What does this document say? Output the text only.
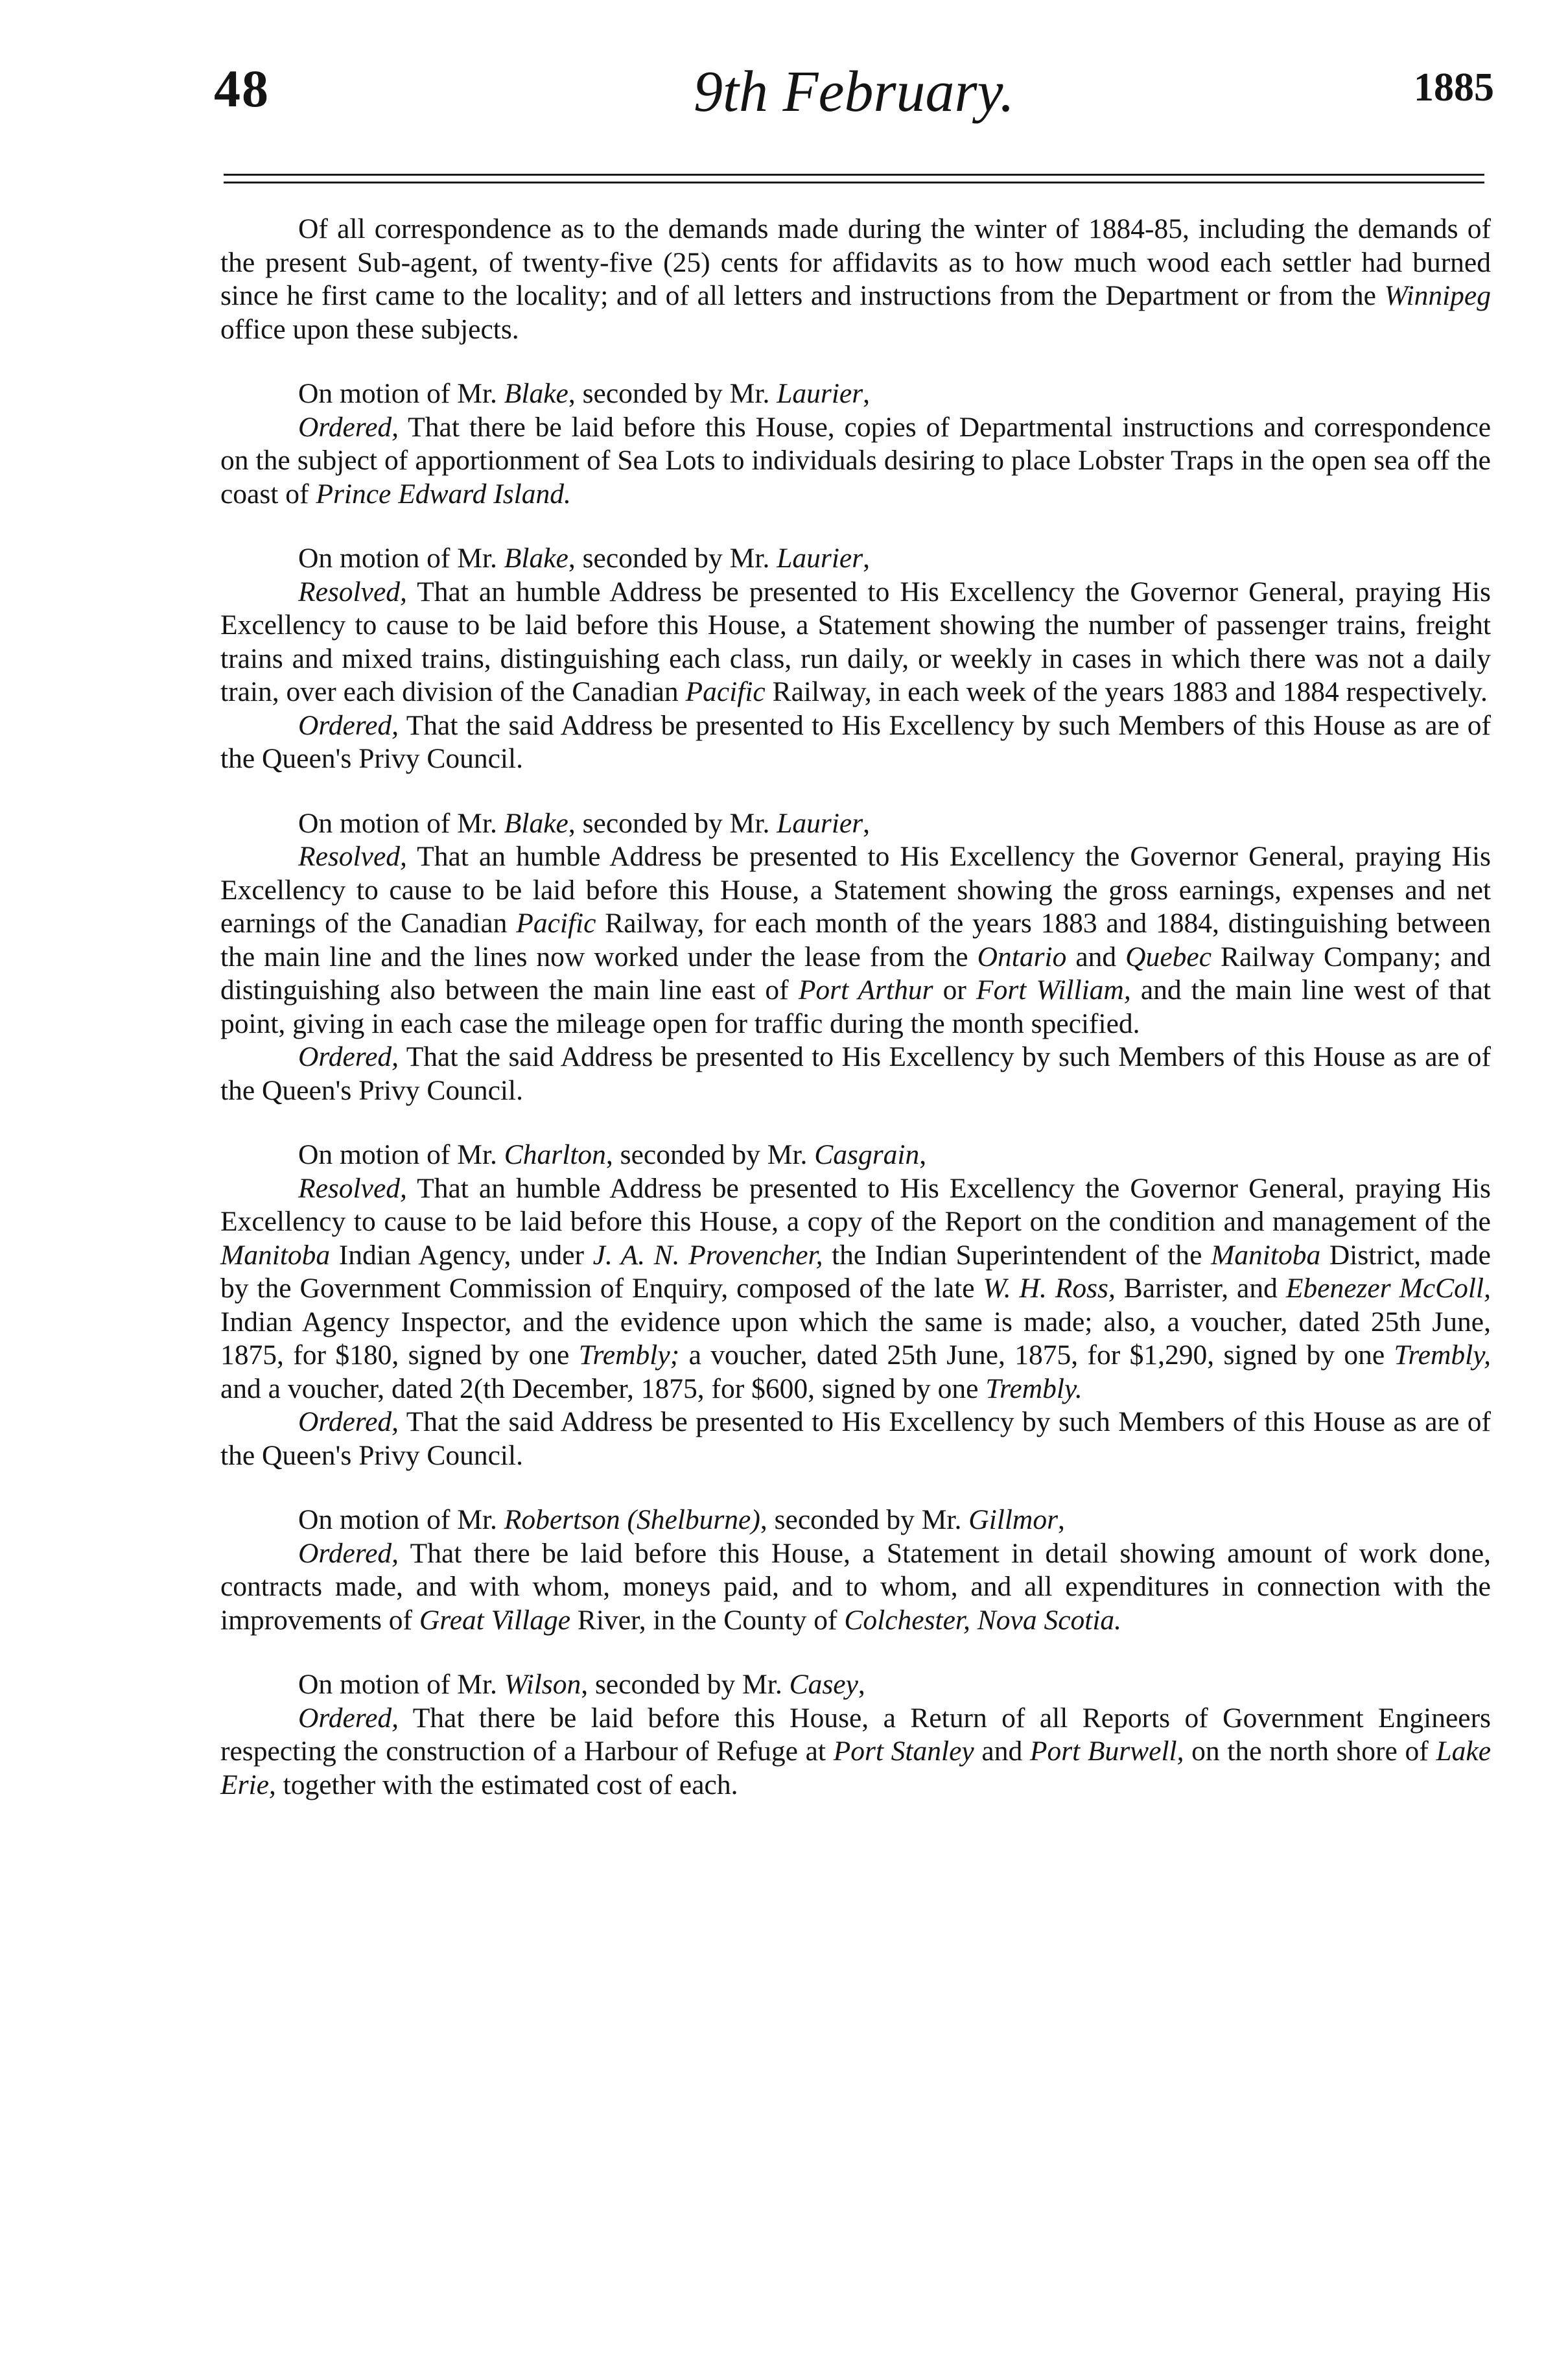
48	9th February.	1885

Of all correspondence as to the demands made during the winter of 1884-85, including the demands of the present Sub-agent, of twenty-five (25) cents for affidavits as to how much wood each settler had burned since he first came to the locality; and of all letters and instructions from the Department or from the Winnipeg office upon these subjects.

On motion of Mr. Blake, seconded by Mr. Laurier,

Ordered, That there be laid before this House, copies of Departmental instructions and correspondence on the subject of apportionment of Sea Lots to individuals desiring to place Lobster Traps in the open sea off the coast of Prince Edward Island.

On motion of Mr. Blake, seconded by Mr. Laurier,

Resolved, That an humble Address be presented to His Excellency the Governor General, praying His Excellency to cause to be laid before this House, a Statement showing the number of passenger trains, freight trains and mixed trains, distinguishing each class, run daily, or weekly in cases in which there was not a daily train, over each division of the Canadian Pacific Railway, in each week of the years 1883 and 1884 respectively.

Ordered, That the said Address be presented to His Excellency by such Members of this House as are of the Queen's Privy Council.

On motion of Mr. Blake, seconded by Mr. Laurier,

Resolved, That an humble Address be presented to His Excellency the Governor General, praying His Excellency to cause to be laid before this House, a Statement showing the gross earnings, expenses and net earnings of the Canadian Pacific Railway, for each month of the years 1883 and 1884, distinguishing between the main line and the lines now worked under the lease from the Ontario and Quebec Railway Company; and distinguishing also between the main line east of Port Arthur or Fort William, and the main line west of that point, giving in each case the mileage open for traffic during the month specified.

Ordered, That the said Address be presented to His Excellency by such Members of this House as are of the Queen's Privy Council.

On motion of Mr. Charlton, seconded by Mr. Casgrain,

Resolved, That an humble Address be presented to His Excellency the Governor General, praying His Excellency to cause to be laid before this House, a copy of the Report on the condition and management of the Manitoba Indian Agency, under J. A. N. Provencher, the Indian Superintendent of the Manitoba District, made by the Government Commission of Enquiry, composed of the late W. H. Ross, Barrister, and Ebenezer McColl, Indian Agency Inspector, and the evidence upon which the same is made; also, a voucher, dated 25th June, 1875, for $180, signed by one Trembly; a voucher, dated 25th June, 1875, for $1,290, signed by one Trembly, and a voucher, dated 2(th December, 1875, for $600, signed by one Trembly.

Ordered, That the said Address be presented to His Excellency by such Members of this House as are of the Queen's Privy Council.

On motion of Mr. Robertson (Shelburne), seconded by Mr. Gillmor,

Ordered, That there be laid before this House, a Statement in detail showing amount of work done, contracts made, and with whom, moneys paid, and to whom, and all expenditures in connection with the improvements of Great Village River, in the County of Colchester, Nova Scotia.

On motion of Mr. Wilson, seconded by Mr. Casey,

Ordered, That there be laid before this House, a Return of all Reports of Government Engineers respecting the construction of a Harbour of Refuge at Port Stanley and Port Burwell, on the north shore of Lake Erie, together with the estimated cost of each.
